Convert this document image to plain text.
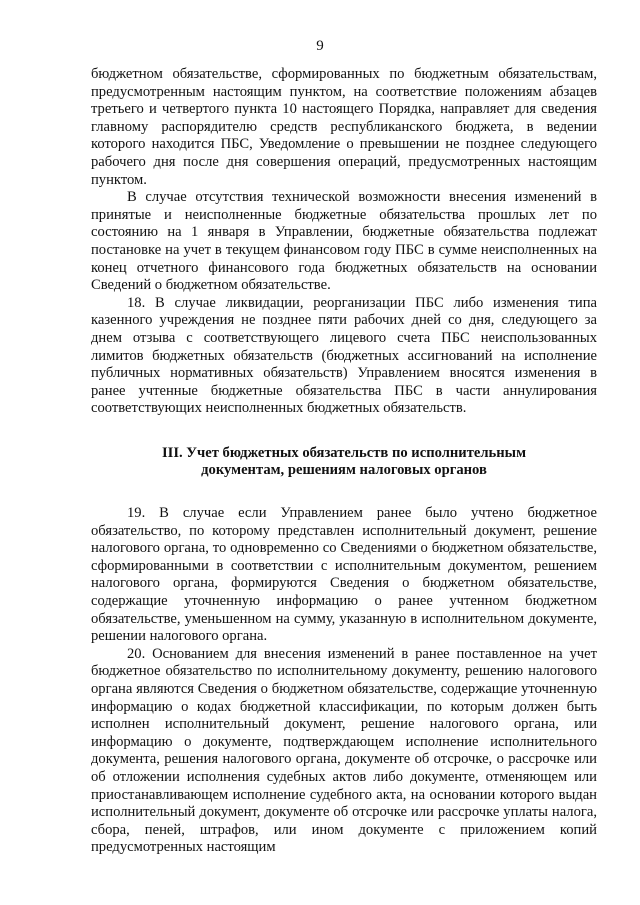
9

бюджетном обязательстве, сформированных по бюджетным обязательствам, предусмотренным настоящим пунктом, на соответствие положениям абзацев третьего и четвертого пункта 10 настоящего Порядка, направляет для сведения главному распорядителю средств республиканского бюджета, в ведении которого находится ПБС, Уведомление о превышении не позднее следующего рабочего дня после дня совершения операций, предусмотренных настоящим пунктом.

В случае отсутствия технической возможности внесения изменений в принятые и неисполненные бюджетные обязательства прошлых лет по состоянию на 1 января в Управлении, бюджетные обязательства подлежат постановке на учет в текущем финансовом году ПБС в сумме неисполненных на конец отчетного финансового года бюджетных обязательств на основании Сведений о бюджетном обязательстве.

18. В случае ликвидации, реорганизации ПБС либо изменения типа казенного учреждения не позднее пяти рабочих дней со дня, следующего за днем отзыва с соответствующего лицевого счета ПБС неиспользованных лимитов бюджетных обязательств (бюджетных ассигнований на исполнение публичных нормативных обязательств) Управлением вносятся изменения в ранее учтенные бюджетные обязательства ПБС в части аннулирования соответствующих неисполненных бюджетных обязательств.

III. Учет бюджетных обязательств по исполнительным
документам, решениям налоговых органов

19. В случае если Управлением ранее было учтено бюджетное обязательство, по которому представлен исполнительный документ, решение налогового органа, то одновременно со Сведениями о бюджетном обязательстве, сформированными в соответствии с исполнительным документом, решением налогового органа, формируются Сведения о бюджетном обязательстве, содержащие уточненную информацию о ранее учтенном бюджетном обязательстве, уменьшенном на сумму, указанную в исполнительном документе, решении налогового органа.

20. Основанием для внесения изменений в ранее поставленное на учет бюджетное обязательство по исполнительному документу, решению налогового органа являются Сведения о бюджетном обязательстве, содержащие уточненную информацию о кодах бюджетной классификации, по которым должен быть исполнен исполнительный документ, решение налогового органа, или информацию о документе, подтверждающем исполнение исполнительного документа, решения налогового органа, документе об отсрочке, о рассрочке или об отложении исполнения судебных актов либо документе, отменяющем или приостанавливающем исполнение судебного акта, на основании которого выдан исполнительный документ, документе об отсрочке или рассрочке уплаты налога, сбора, пеней, штрафов, или ином документе с приложением копий предусмотренных настоящим
